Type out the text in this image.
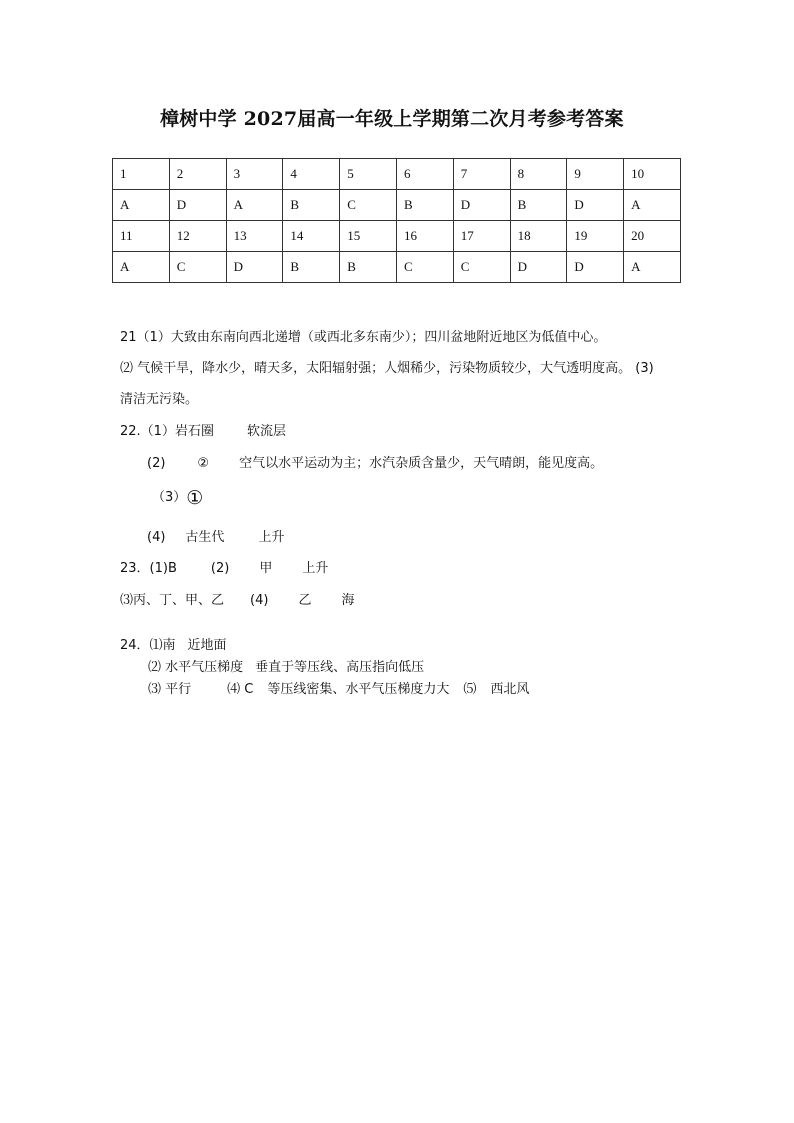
樟树中学 2027届高一年级上学期第二次月考参考答案
1	2	3	4	5	6	7	8	9	10
A	D	A	B	C	B	D	B	D	A
11	12	13	14	15	16	17	18	19	20
A	C	D	B	B	C	C	D	D	A
21（1）大致由东南向西北递增（或西北多东南少）；四川盆地附近地区为低值中心。
⑵ 气候干旱，降水少，晴天多，太阳辐射强；人烟稀少，污染物质较少，大气透明度高。 (3)
清洁无污染。
22.（1）岩石圈	软流层
(2) ② 空气以水平运动为主；水汽杂质含量少，天气晴朗，能见度高。
（3）①
(4) 古生代	上升
23．(1)B	(2) 甲 上升
⑶丙、丁、甲、乙 (4) 乙 海
24．⑴南 近地面
⑵ 水平气压梯度 垂直于等压线、高压指向低压
⑶ 平行	⑷ C 等压线密集、水平气压梯度力大 ⑸ 西北风
